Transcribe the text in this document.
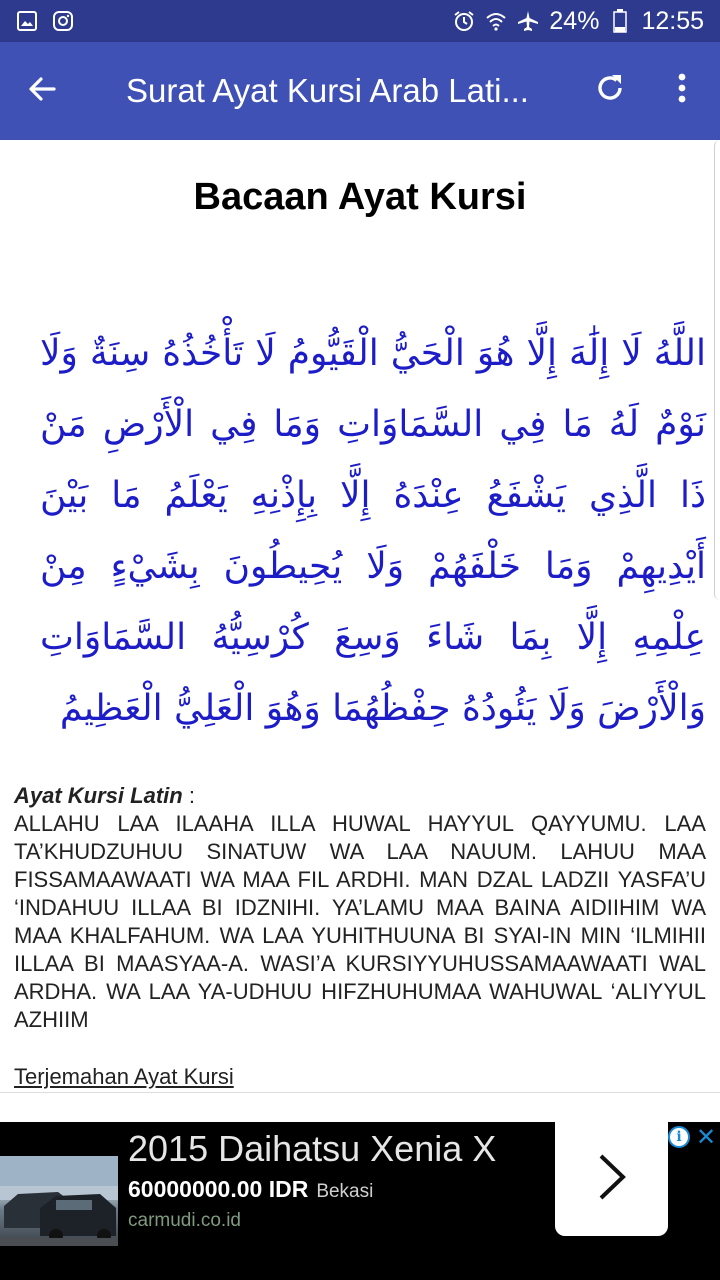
24% 12:55
Surat Ayat Kursi Arab Lati...
Bacaan Ayat Kursi
اللَّهُ لَا إِلَٰهَ إِلَّا هُوَ الْحَيُّ الْقَيُّومُ لَا تَأْخُذُهُ سِنَةٌ وَلَا نَوْمٌ لَهُ مَا فِي السَّمَاوَاتِ وَمَا فِي الْأَرْضِ مَنْ ذَا الَّذِي يَشْفَعُ عِنْدَهُ إِلَّا بِإِذْنِهِ يَعْلَمُ مَا بَيْنَ أَيْدِيهِمْ وَمَا خَلْفَهُمْ وَلَا يُحِيطُونَ بِشَيْءٍ مِنْ عِلْمِهِ إِلَّا بِمَا شَاءَ وَسِعَ كُرْسِيُّهُ السَّمَاوَاتِ وَالْأَرْضَ وَلَا يَئُودُهُ حِفْظُهُمَا وَهُوَ الْعَلِيُّ الْعَظِيمُ
Ayat Kursi Latin :
ALLAHU LAA ILAAHA ILLA HUWAL HAYYUL QAYYUMU. LAA TA’KHUDZUHUU SINATUW WA LAA NAUUM. LAHUU MAA FISSAMAAWAATI WA MAA FIL ARDHI. MAN DZAL LADZII YASFA’U ‘INDAHUU ILLAA BI IDZNIHI. YA’LAMU MAA BAINA AIDIIHIM WA MAA KHALFAHUM. WA LAA YUHITHUUNA BI SYAI-IN MIN ‘ILMIHII ILLAA BI MAASYAA-A. WASI’A KURSIYYUHUSSAMAAWAATI WAL ARDHA. WA LAA YA-UDHUU HIFZHUHUMAA WAHUWAL ‘ALIYYUL AZHIIM
Terjemahan Ayat Kursi
2015 Daihatsu Xenia X
60000000.00 IDR Bekasi
carmudi.co.id
i ✕
